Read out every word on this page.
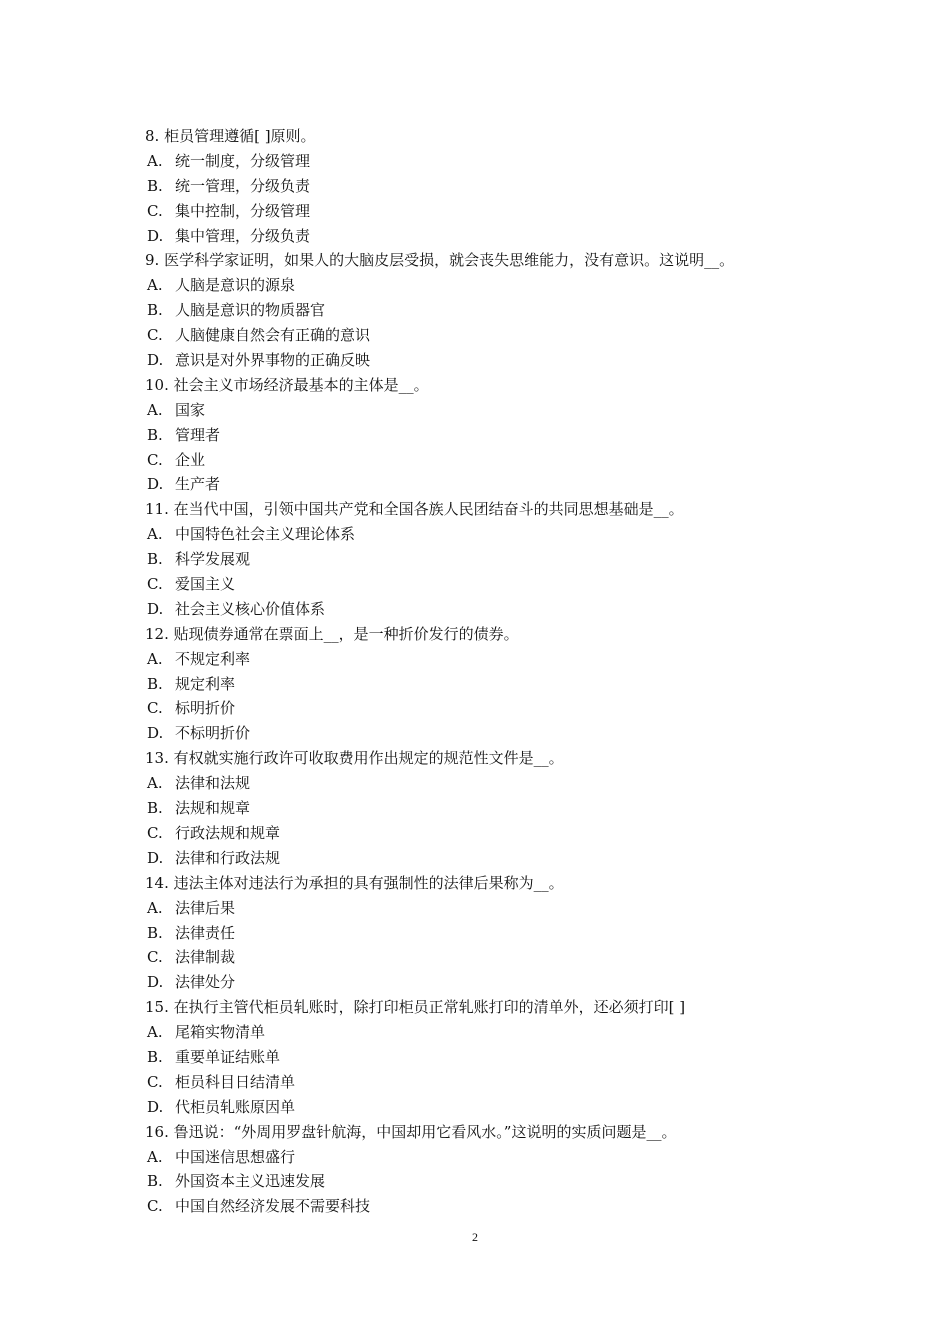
8. 柜员管理遵循[ ]原则。
A. 统一制度，分级管理
B. 统一管理，分级负责
C. 集中控制，分级管理
D. 集中管理，分级负责
9. 医学科学家证明，如果人的大脑皮层受损，就会丧失思维能力，没有意识。这说明__。
A. 人脑是意识的源泉
B. 人脑是意识的物质器官
C. 人脑健康自然会有正确的意识
D. 意识是对外界事物的正确反映
10. 社会主义市场经济最基本的主体是__。
A. 国家
B. 管理者
C. 企业
D. 生产者
11. 在当代中国，引领中国共产党和全国各族人民团结奋斗的共同思想基础是__。
A. 中国特色社会主义理论体系
B. 科学发展观
C. 爱国主义
D. 社会主义核心价值体系
12. 贴现债券通常在票面上__，是一种折价发行的债券。
A. 不规定利率
B. 规定利率
C. 标明折价
D. 不标明折价
13. 有权就实施行政许可收取费用作出规定的规范性文件是__。
A. 法律和法规
B. 法规和规章
C. 行政法规和规章
D. 法律和行政法规
14. 违法主体对违法行为承担的具有强制性的法律后果称为__。
A. 法律后果
B. 法律责任
C. 法律制裁
D. 法律处分
15. 在执行主管代柜员轧账时，除打印柜员正常轧账打印的清单外，还必须打印[ ]
A. 尾箱实物清单
B. 重要单证结账单
C. 柜员科目日结清单
D. 代柜员轧账原因单
16. 鲁迅说：“外周用罗盘针航海，中国却用它看风水。”这说明的实质问题是__。
A. 中国迷信思想盛行
B. 外国资本主义迅速发展
C. 中国自然经济发展不需要科技
2
